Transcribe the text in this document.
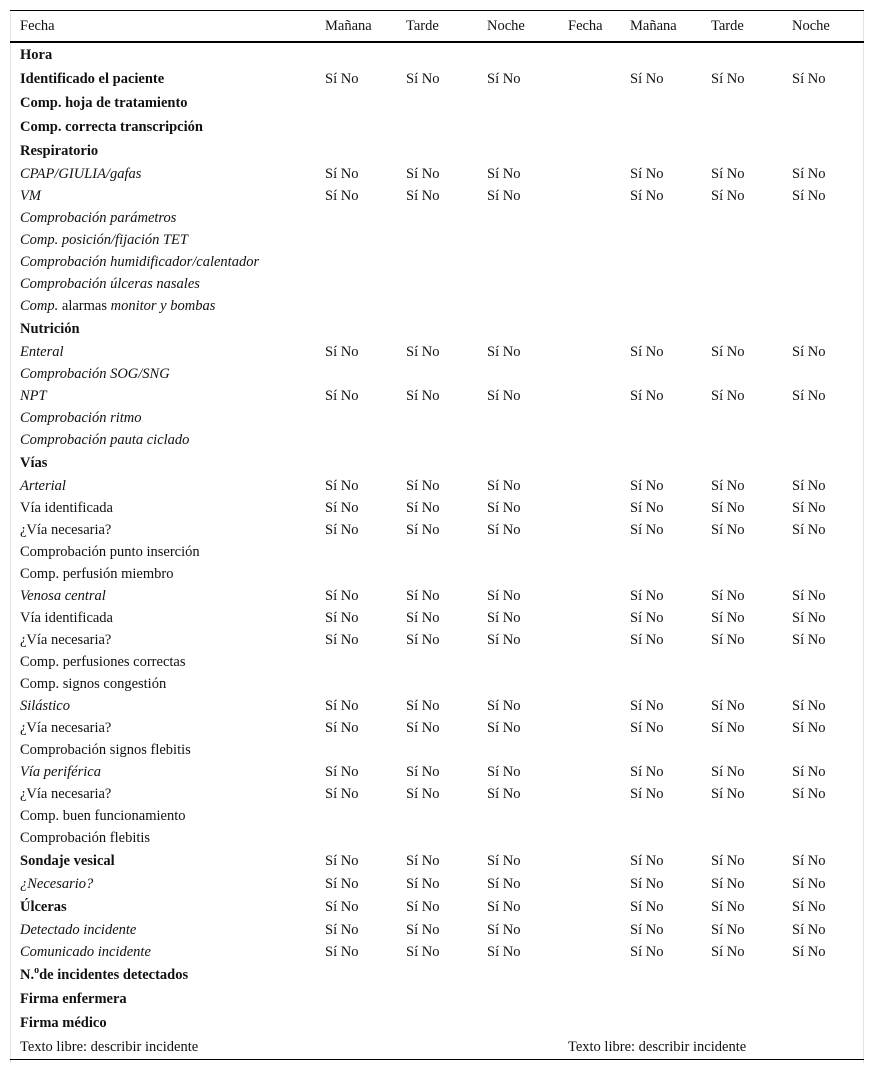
Fecha	Mañana	Tarde	Noche	Fecha	Mañana	Tarde	Noche
Hora							
Identificado el paciente	Sí No	Sí No	Sí No		Sí No	Sí No	Sí No
Comp. hoja de tratamiento							
Comp. correcta transcripción							
Respiratorio							
CPAP/GIULIA/gafas	Sí No	Sí No	Sí No		Sí No	Sí No	Sí No
VM	Sí No	Sí No	Sí No		Sí No	Sí No	Sí No
Comprobación parámetros							
Comp. posición/fijación TET							
Comprobación humidificador/calentador							
Comprobación úlceras nasales							
Comp. alarmas monitor y bombas							
Nutrición							
Enteral	Sí No	Sí No	Sí No		Sí No	Sí No	Sí No
Comprobación SOG/SNG							
NPT	Sí No	Sí No	Sí No		Sí No	Sí No	Sí No
Comprobación ritmo							
Comprobación pauta ciclado							
Vías							
Arterial	Sí No	Sí No	Sí No		Sí No	Sí No	Sí No
Vía identificada	Sí No	Sí No	Sí No		Sí No	Sí No	Sí No
¿Vía necesaria?	Sí No	Sí No	Sí No		Sí No	Sí No	Sí No
Comprobación punto inserción							
Comp. perfusión miembro							
Venosa central	Sí No	Sí No	Sí No		Sí No	Sí No	Sí No
Vía identificada	Sí No	Sí No	Sí No		Sí No	Sí No	Sí No
¿Vía necesaria?	Sí No	Sí No	Sí No		Sí No	Sí No	Sí No
Comp. perfusiones correctas							
Comp. signos congestión							
Silástico	Sí No	Sí No	Sí No		Sí No	Sí No	Sí No
¿Vía necesaria?	Sí No	Sí No	Sí No		Sí No	Sí No	Sí No
Comprobación signos flebitis							
Vía periférica	Sí No	Sí No	Sí No		Sí No	Sí No	Sí No
¿Vía necesaria?	Sí No	Sí No	Sí No		Sí No	Sí No	Sí No
Comp. buen funcionamiento							
Comprobación flebitis							
Sondaje vesical	Sí No	Sí No	Sí No		Sí No	Sí No	Sí No
¿Necesario?	Sí No	Sí No	Sí No		Sí No	Sí No	Sí No
Úlceras	Sí No	Sí No	Sí No		Sí No	Sí No	Sí No
Detectado incidente	Sí No	Sí No	Sí No		Sí No	Sí No	Sí No
Comunicado incidente	Sí No	Sí No	Sí No		Sí No	Sí No	Sí No
N.$^o$de incidentes detectados							
Firma enfermera							
Firma médico							
Texto libre: describir incidente				Texto libre: describir incidente			
